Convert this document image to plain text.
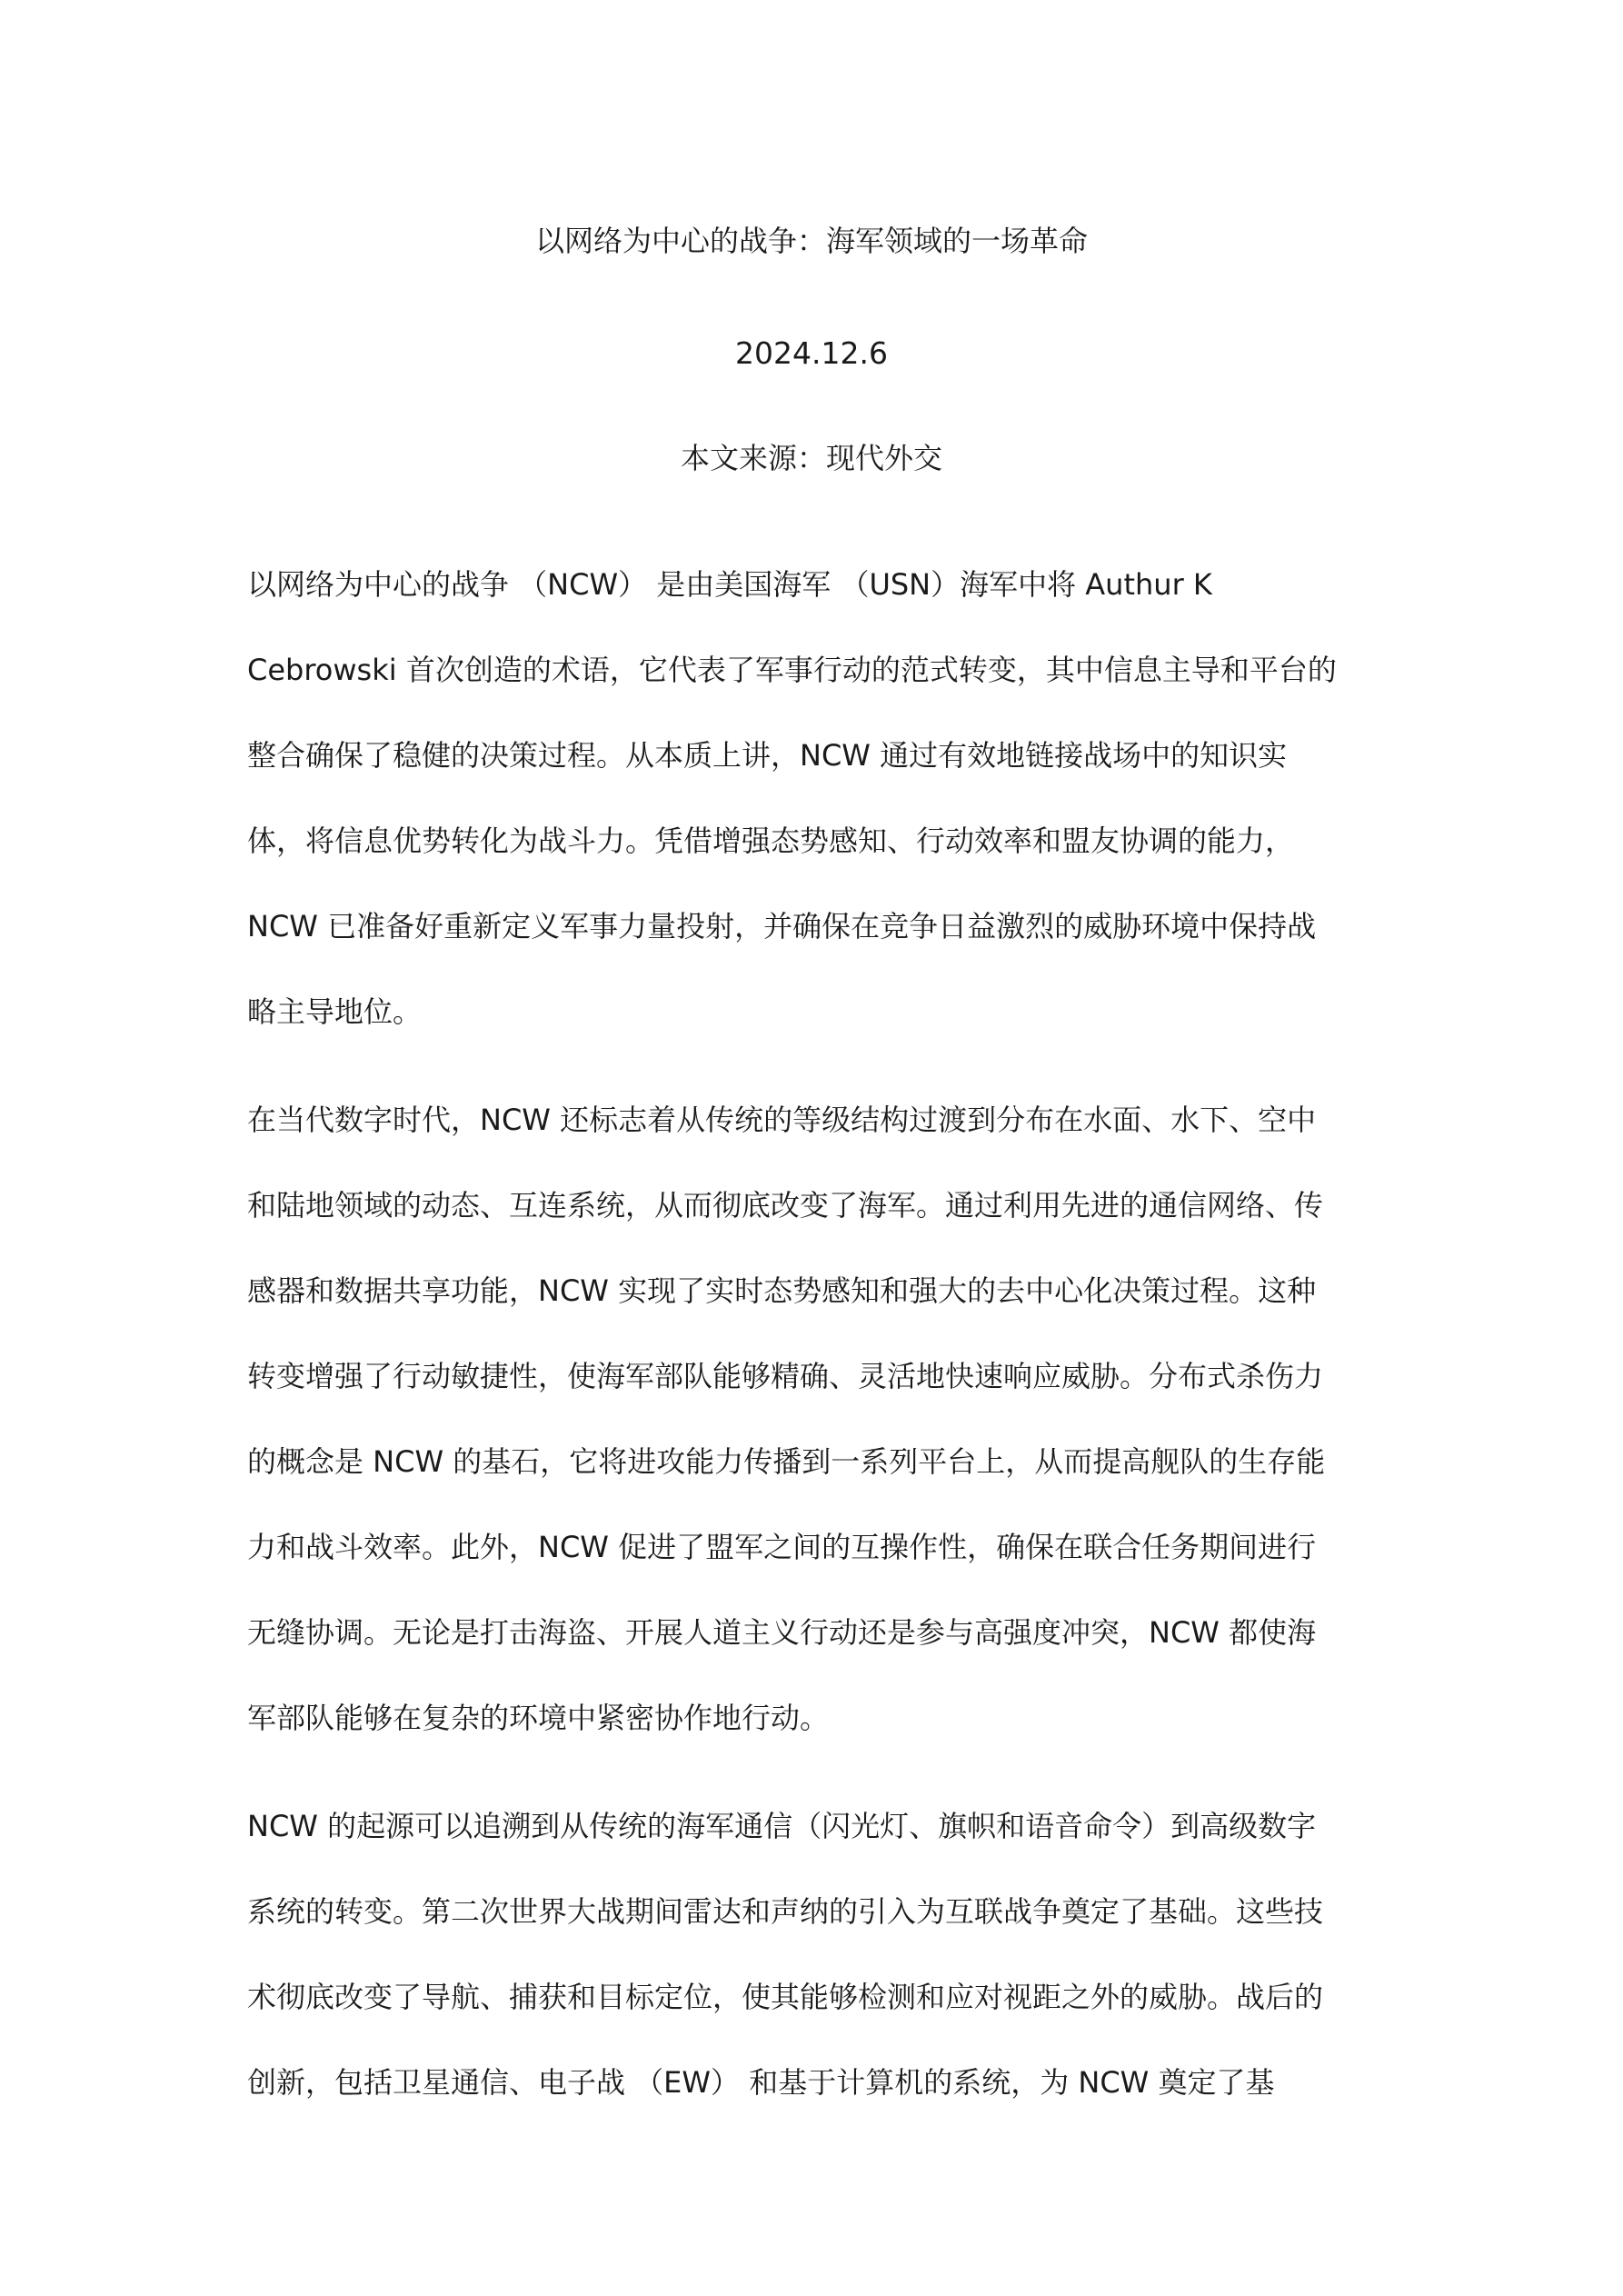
以网络为中心的战争：海军领域的一场革命
2024.12.6
本文来源：现代外交
以网络为中心的战争 （NCW） 是由美国海军 （USN）海军中将 Authur K
Cebrowski 首次创造的术语，它代表了军事行动的范式转变，其中信息主导和平台的
整合确保了稳健的决策过程。从本质上讲，NCW 通过有效地链接战场中的知识实
体，将信息优势转化为战斗力。凭借增强态势感知、行动效率和盟友协调的能力，
NCW 已准备好重新定义军事力量投射，并确保在竞争日益激烈的威胁环境中保持战
略主导地位。
在当代数字时代，NCW 还标志着从传统的等级结构过渡到分布在水面、水下、空中
和陆地领域的动态、互连系统，从而彻底改变了海军。通过利用先进的通信网络、传
感器和数据共享功能，NCW 实现了实时态势感知和强大的去中心化决策过程。这种
转变增强了行动敏捷性，使海军部队能够精确、灵活地快速响应威胁。分布式杀伤力
的概念是 NCW 的基石，它将进攻能力传播到一系列平台上，从而提高舰队的生存能
力和战斗效率。此外，NCW 促进了盟军之间的互操作性，确保在联合任务期间进行
无缝协调。无论是打击海盗、开展人道主义行动还是参与高强度冲突，NCW 都使海
军部队能够在复杂的环境中紧密协作地行动。
NCW 的起源可以追溯到从传统的海军通信（闪光灯、旗帜和语音命令）到高级数字
系统的转变。第二次世界大战期间雷达和声纳的引入为互联战争奠定了基础。这些技
术彻底改变了导航、捕获和目标定位，使其能够检测和应对视距之外的威胁。战后的
创新，包括卫星通信、电子战 （EW） 和基于计算机的系统，为 NCW 奠定了基
